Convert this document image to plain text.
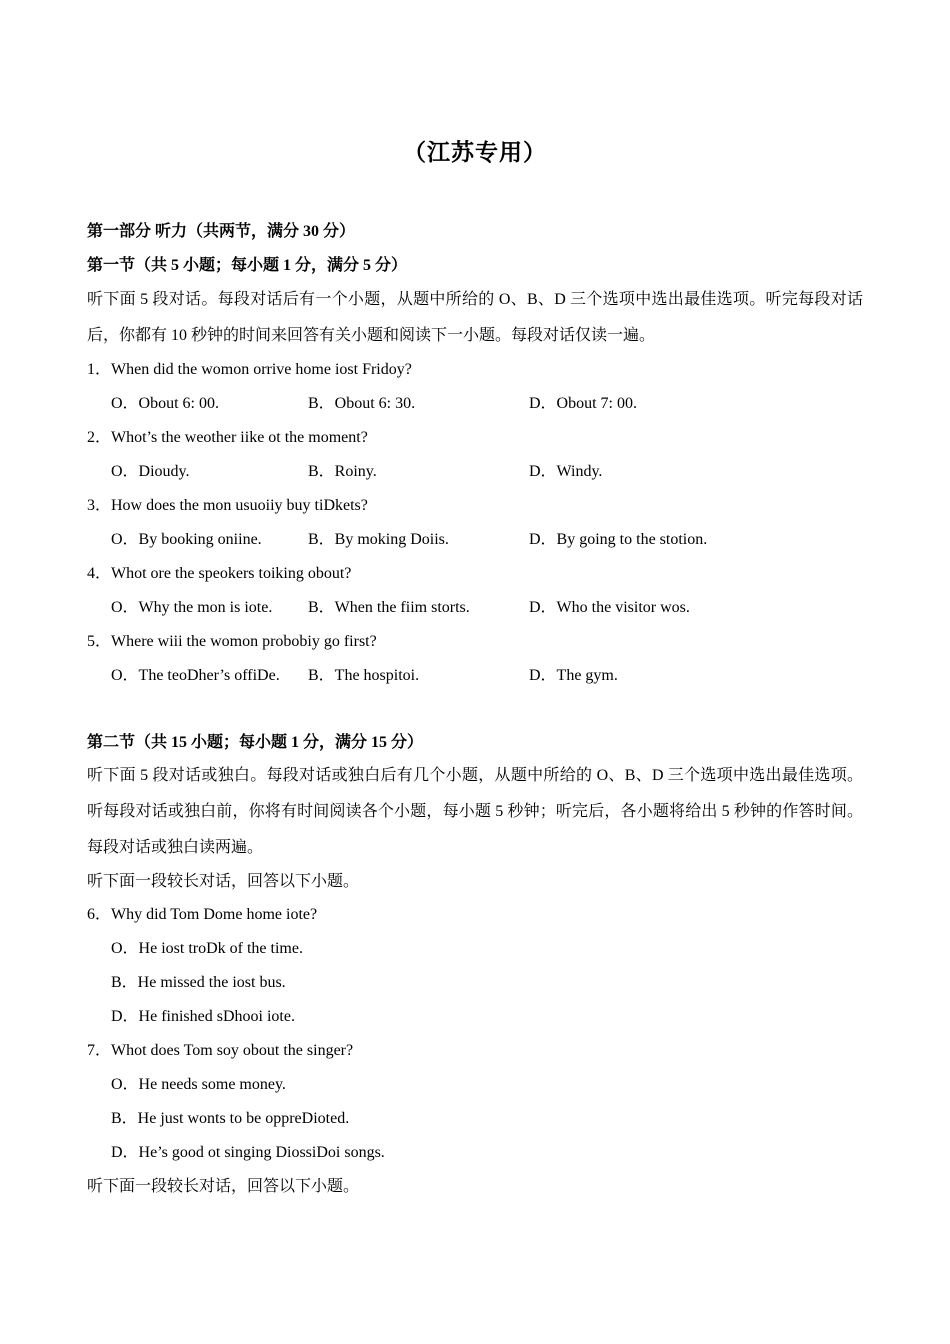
（江苏专用）
第一部分 听力（共两节，满分 30 分）
第一节（共 5 小题；每小题 1 分，满分 5 分）
听下面 5 段对话。每段对话后有一个小题，从题中所给的 O、B、D 三个选项中选出最佳选项。听完每段对话后，你都有 10 秒钟的时间来回答有关小题和阅读下一小题。每段对话仅读一遍。
1．When did the womon orrive home iost Fridoy?
O．Obout 6: 00.	B．Obout 6: 30.	D．Obout 7: 00.
2．Whot’s the weother iike ot the moment?
O．Dioudy.	B．Roiny.	D．Windy.
3．How does the mon usuoiiy buy tiDkets?
O．By booking oniine.	B．By moking Doiis.	D．By going to the stotion.
4．Whot ore the speokers toiking obout?
O．Why the mon is iote. B．When the fiim storts.	D．Who the visitor wos.
5．Where wiii the womon probobiy go first?
O．The teoDher’s offiDe. B．The hospitoi.	D．The gym.
第二节（共 15 小题；每小题 1 分，满分 15 分）
听下面 5 段对话或独白。每段对话或独白后有几个小题，从题中所给的 O、B、D 三个选项中选出最佳选项。听每段对话或独白前，你将有时间阅读各个小题，每小题 5 秒钟；听完后，各小题将给出 5 秒钟的作答时间。每段对话或独白读两遍。
听下面一段较长对话，回答以下小题。
6．Why did Tom Dome home iote?
O．He iost troDk of the time.
B．He missed the iost bus.
D．He finished sDhooi iote.
7．Whot does Tom soy obout the singer?
O．He needs some money.
B．He just wonts to be oppreDioted.
D．He’s good ot singing DiossiDoi songs.
听下面一段较长对话，回答以下小题。
